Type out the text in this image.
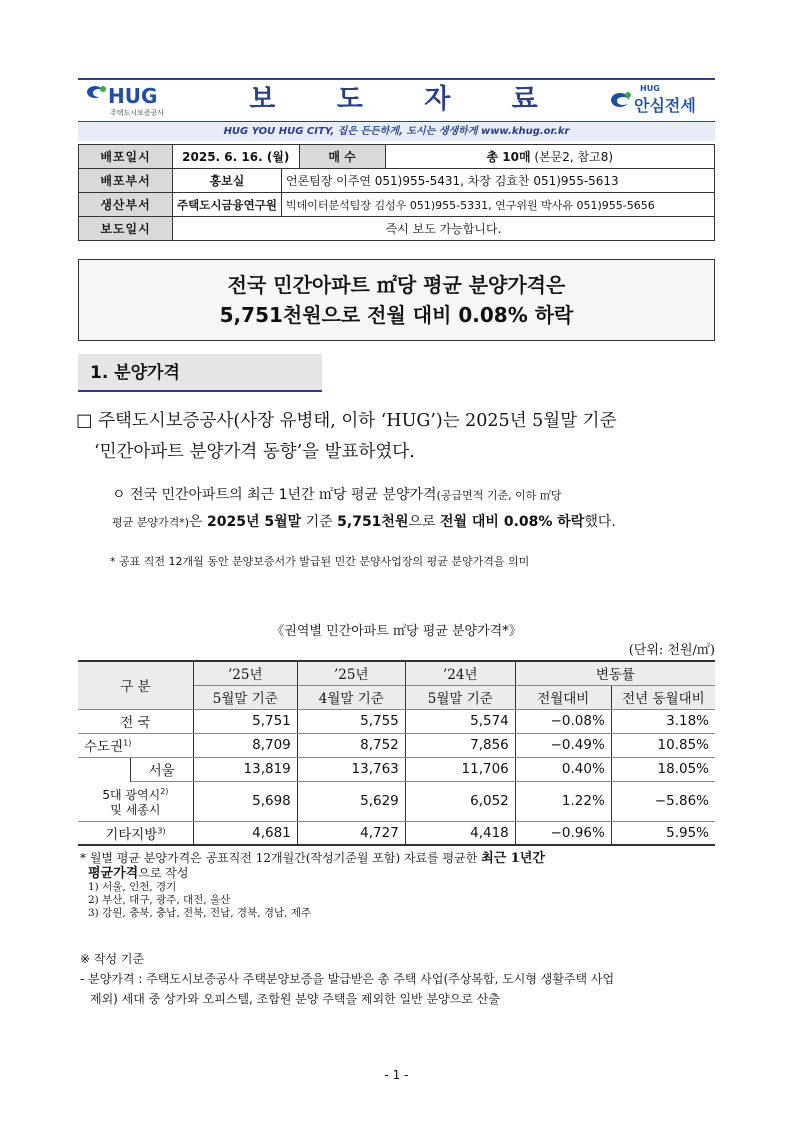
HUG
주택도시보증공사	보 도 자 료	HUG
안심전세
HUG YOU HUG CITY, 집은 든든하게, 도시는 생생하게 www.khug.or.kr
배포일시	2025. 6. 16. (월)		매 수	총 10매 (본문2, 참고8)
배포부서	홍보실	언론팀장 이주연 051)955-5431, 차장 김효찬 051)955-5613		
생산부서	주택도시금융연구원	빅데이터분석팀장 김성우 051)955-5331, 연구위원 박사유 051)955-5656		
보도일시	즉시 보도 가능합니다.			
전국 민간아파트 ㎡당 평균 분양가격은
5,751천원으로 전월 대비 0.08% 하락
1. 분양가격
□ 주택도시보증공사(사장 유병태, 이하 ‘HUG’)는 2025년 5월말 기준
‘민간아파트 분양가격 동향’을 발표하였다.
ㅇ 전국 민간아파트의 최근 1년간 ㎡당 평균 분양가격(공급면적 기준, 이하 ㎡당
평균 분양가격*)은 2025년 5월말 기준 5,751천원으로 전월 대비 0.08% 하락했다.
* 공표 직전 12개월 동안 분양보증서가 발급된 민간 분양사업장의 평균 분양가격을 의미
《권역별 민간아파트 ㎡당 평균 분양가격*》
(단위: 천원/㎡)
구 분		’25년	’25년	’24년	변동률	
		5월말 기준	4월말 기준	5월말 기준	전월대비	전년 동월대비
전 국		5,751	5,755	5,574	−0.08%	3.18%
수도권$^{1)}$		8,709	8,752	7,856	−0.49%	10.85%
	서울	13,819	13,763	11,706	0.40%	18.05%

5대 광역시$^{2)}$
및 세종시		5,698	5,629	6,052	1.22%	−5.86%
기타지방$^{3)}$		4,681	4,727	4,418	−0.96%	5.95%
* 월별 평균 분양가격은 공표직전 12개월간(작성기준월 포함) 자료를 평균한 최근 1년간
평균가격으로 작성
1) 서울, 인천, 경기
2) 부산, 대구, 광주, 대전, 울산
3) 강원, 충북, 충남, 전북, 전남, 경북, 경남, 제주
※ 작성 기준
- 분양가격 : 주택도시보증공사 주택분양보증을 발급받은 총 주택 사업(주상복합, 도시형 생활주택 사업
제외) 세대 중 상가와 오피스텔, 조합원 분양 주택을 제외한 일반 분양으로 산출
- 1 -
